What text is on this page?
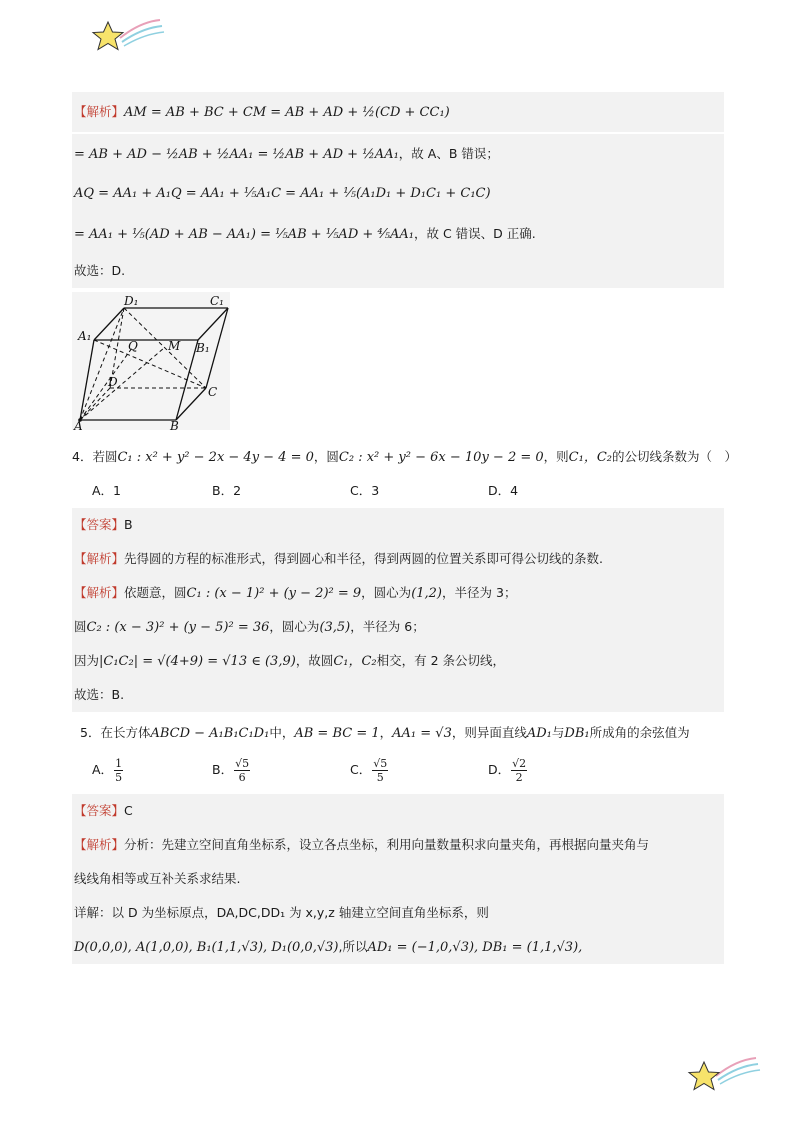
【解析】AM = AB + BC + CM = AB + AD + ½(CD + CC₁)
= AB + AD − ½AB + ½AA₁ = ½AB + AD + ½AA₁，故 A、B 错误；
AQ = AA₁ + A₁Q = AA₁ + ⅕A₁C = AA₁ + ⅕(A₁D₁ + D₁C₁ + C₁C)
= AA₁ + ⅕(AD + AB − AA₁) = ⅕AB + ⅕AD + ⅘AA₁，故 C 错误、D 正确.
故选：D.
D₁	C₁
A₁
Q	M B₁
D
C
A	B
4．若圆C₁ : x² + y² − 2x − 4y − 4 = 0，圆C₂ : x² + y² − 6x − 10y − 2 = 0，则C₁，C₂的公切线条数为（　）
A．1	B．2	C．3	D．4
【答案】B
【解析】先得圆的方程的标准形式，得到圆心和半径，得到两圆的位置关系即可得公切线的条数.
【解析】依题意，圆C₁ : (x − 1)² + (y − 2)² = 9，圆心为(1,2)，半径为 3；
圆C₂ : (x − 3)² + (y − 5)² = 36，圆心为(3,5)，半径为 6；
因为|C₁C₂| = √(4+9) = √13 ∈ (3,9)，故圆C₁，C₂相交，有 2 条公切线，
故选：B.
5．在长方体ABCD − A₁B₁C₁D₁中，AB = BC = 1，AA₁ = √3，则异面直线AD₁与DB₁所成角的余弦值为
A． $\frac{1}{5}$	B． $\frac{√5}{6}$	C． $\frac{√5}{5}$	D． $\frac{√2}{2}$
【答案】C
【解析】分析：先建立空间直角坐标系，设立各点坐标，利用向量数量积求向量夹角，再根据向量夹角与
线线角相等或互补关系求结果.
详解：以 D 为坐标原点，DA,DC,DD₁ 为 x,y,z 轴建立空间直角坐标系，则
D(0,0,0), A(1,0,0), B₁(1,1,√3), D₁(0,0,√3),所以AD₁ = (−1,0,√3), DB₁ = (1,1,√3),
